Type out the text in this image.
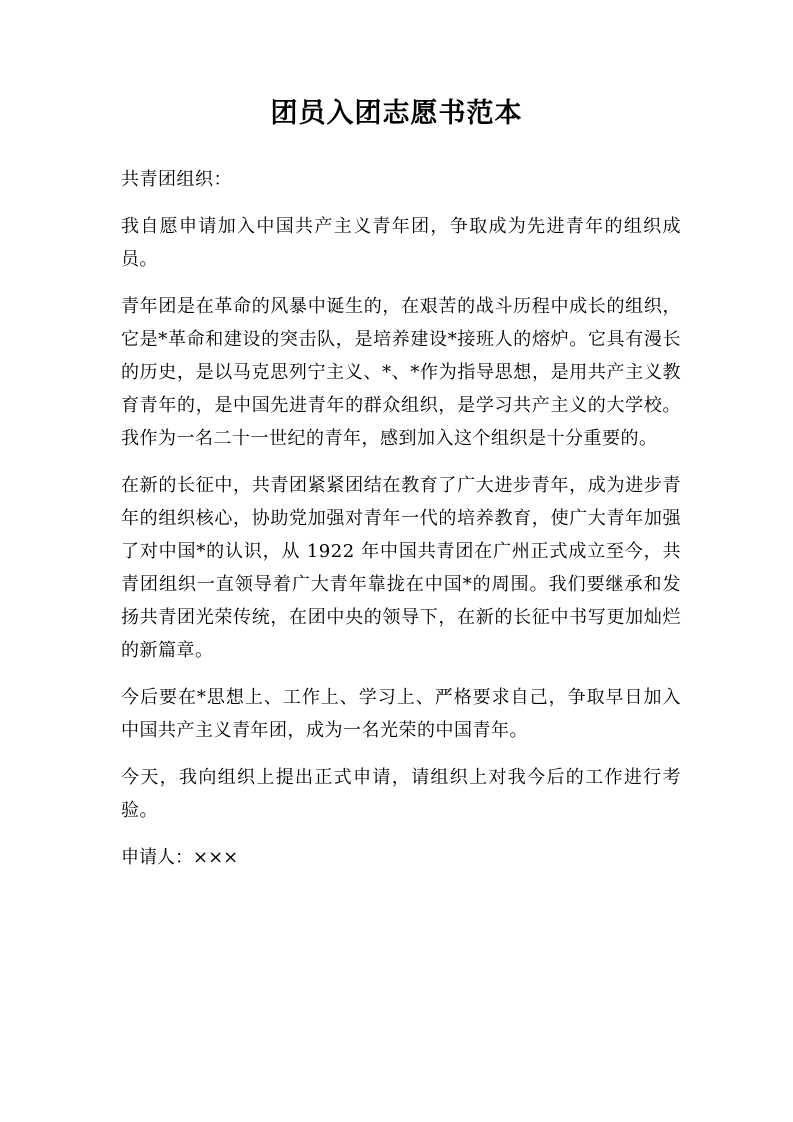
团员入团志愿书范本

共青团组织：

我自愿申请加入中国共产主义青年团，争取成为先进青年的组织成员。

青年团是在革命的风暴中诞生的，在艰苦的战斗历程中成长的组织，它是*革命和建设的突击队，是培养建设*接班人的熔炉。它具有漫长的历史，是以马克思列宁主义、*、*作为指导思想，是用共产主义教育青年的，是中国先进青年的群众组织，是学习共产主义的大学校。我作为一名二十一世纪的青年，感到加入这个组织是十分重要的。

在新的长征中，共青团紧紧团结在教育了广大进步青年，成为进步青年的组织核心，协助党加强对青年一代的培养教育，使广大青年加强了对中国*的认识，从 1922 年中国共青团在广州正式成立至今，共青团组织一直领导着广大青年靠拢在中国*的周围。我们要继承和发扬共青团光荣传统，在团中央的领导下，在新的长征中书写更加灿烂的新篇章。

今后要在*思想上、工作上、学习上、严格要求自己，争取早日加入中国共产主义青年团，成为一名光荣的中国青年。

今天，我向组织上提出正式申请，请组织上对我今后的工作进行考验。

申请人：×××
